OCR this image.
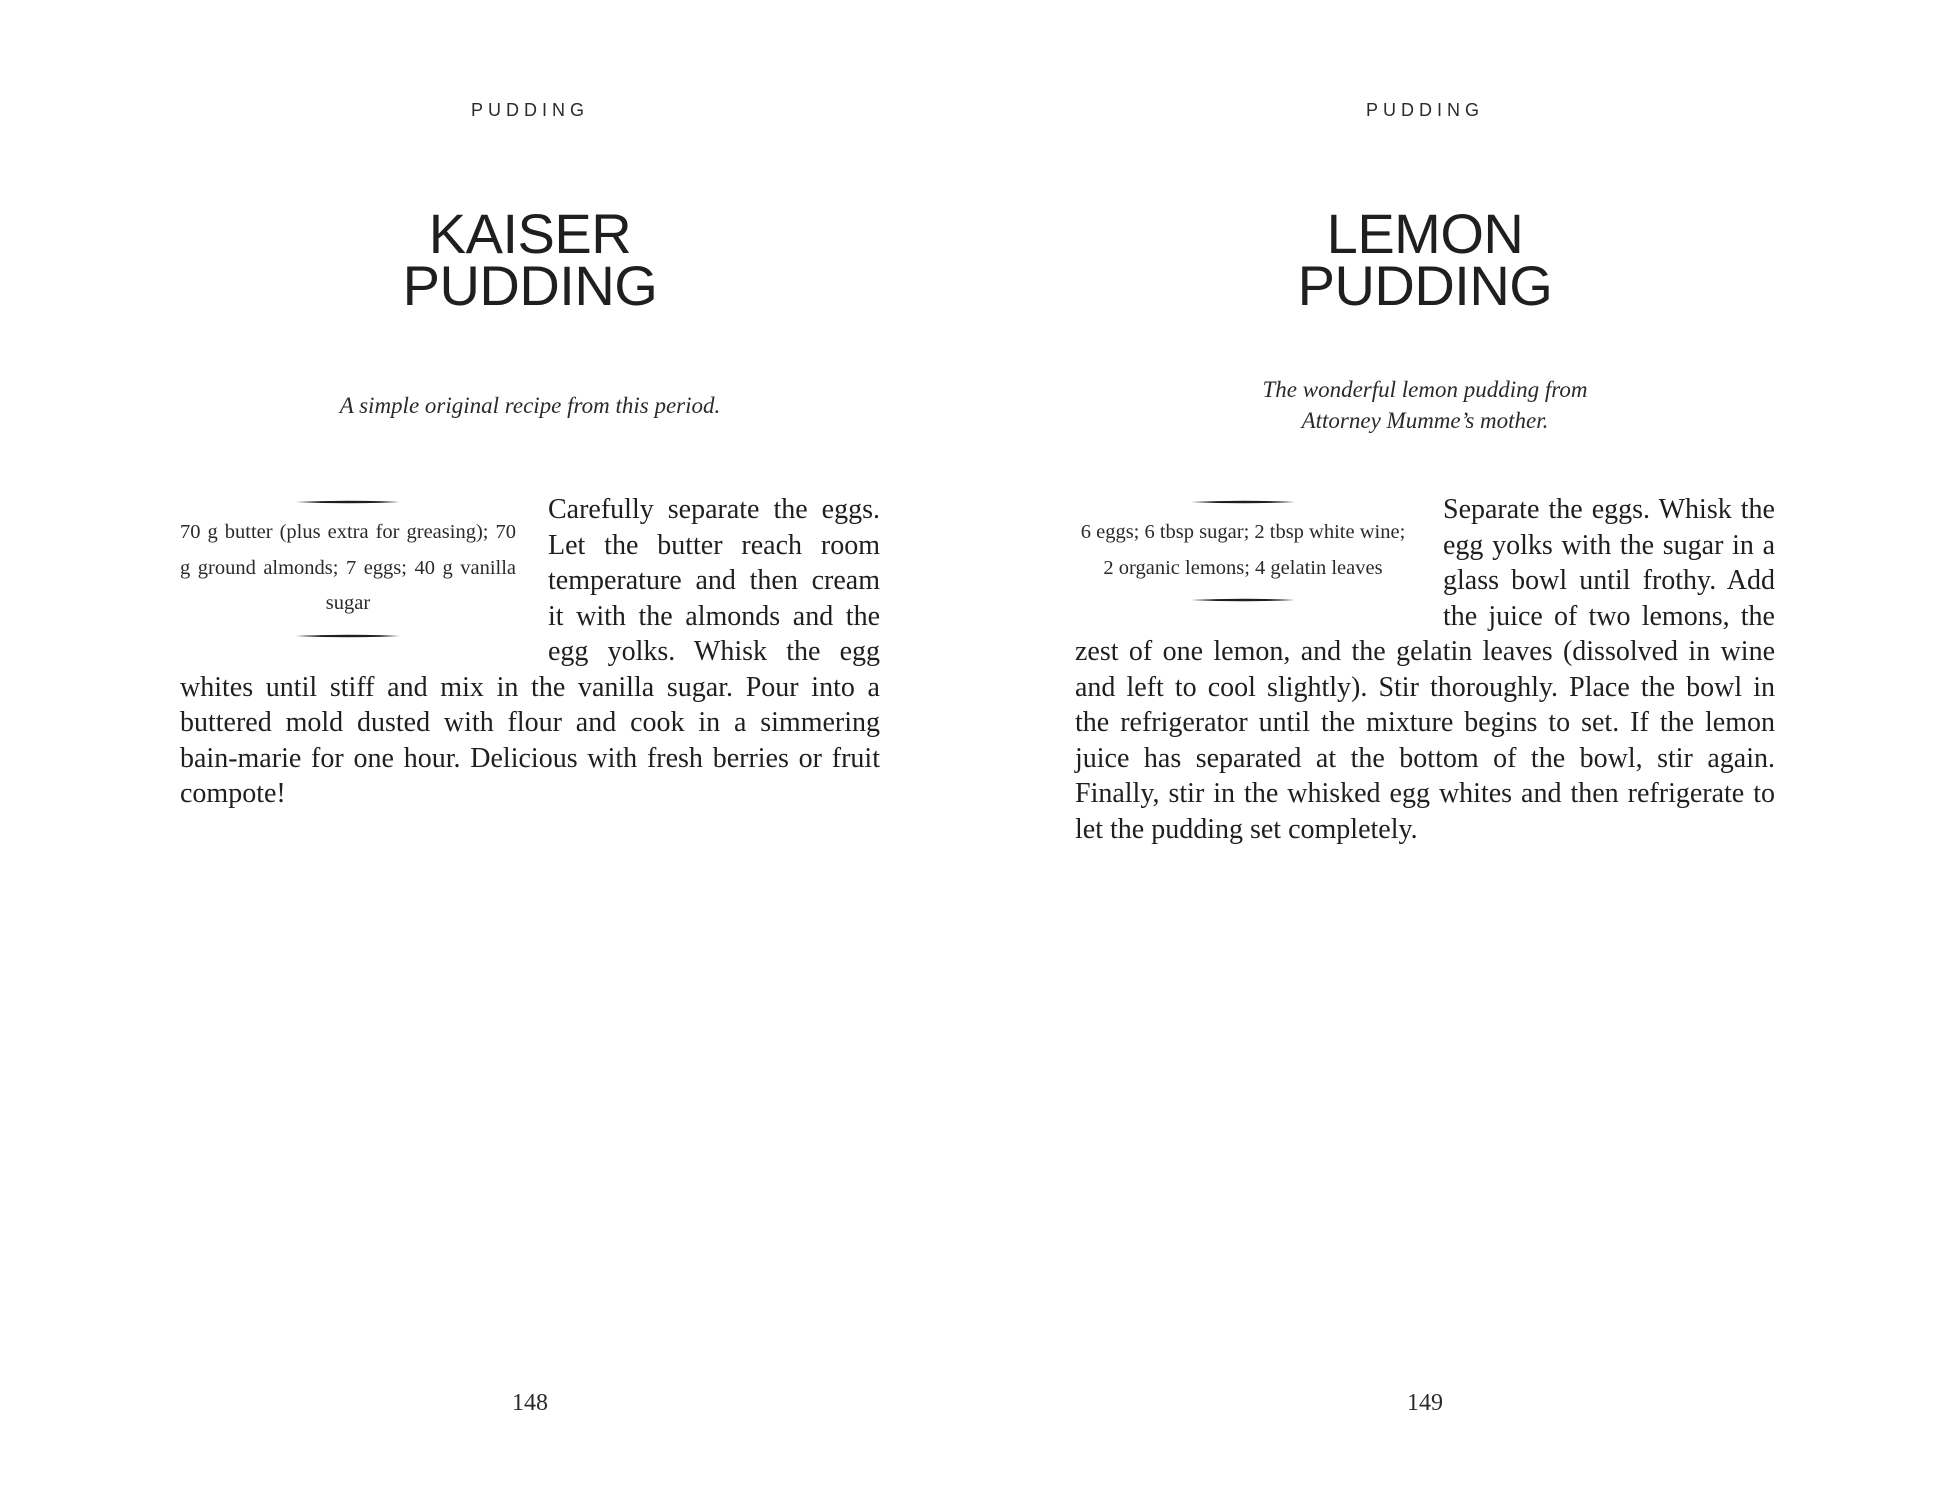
PUDDING
KAISER
PUDDING
A simple original recipe from this period.
70 g butter (plus extra for greasing); 70 g ground almonds; 7 eggs; 40 g vanilla sugar
Carefully separate the eggs. Let the butter reach room temperature and then cream it with the almonds and the egg yolks. Whisk the egg whites until stiff and mix in the vanilla sugar. Pour into a buttered mold dusted with flour and cook in a simmering bain-marie for one hour. Delicious with fresh berries or fruit compote!
148
PUDDING
LEMON
PUDDING
The wonderful lemon pudding from
Attorney Mumme’s mother.
6 eggs; 6 tbsp sugar; 2 tbsp white wine; 2 organic lemons; 4 gelatin leaves
Separate the eggs. Whisk the egg yolks with the sugar in a glass bowl until frothy. Add the juice of two lemons, the zest of one lemon, and the gelatin leaves (dissolved in wine and left to cool slightly). Stir thoroughly. Place the bowl in the refrigerator until the mixture begins to set. If the lemon juice has separated at the bottom of the bowl, stir again. Finally, stir in the whisked egg whites and then refrigerate to let the pudding set completely.
149
